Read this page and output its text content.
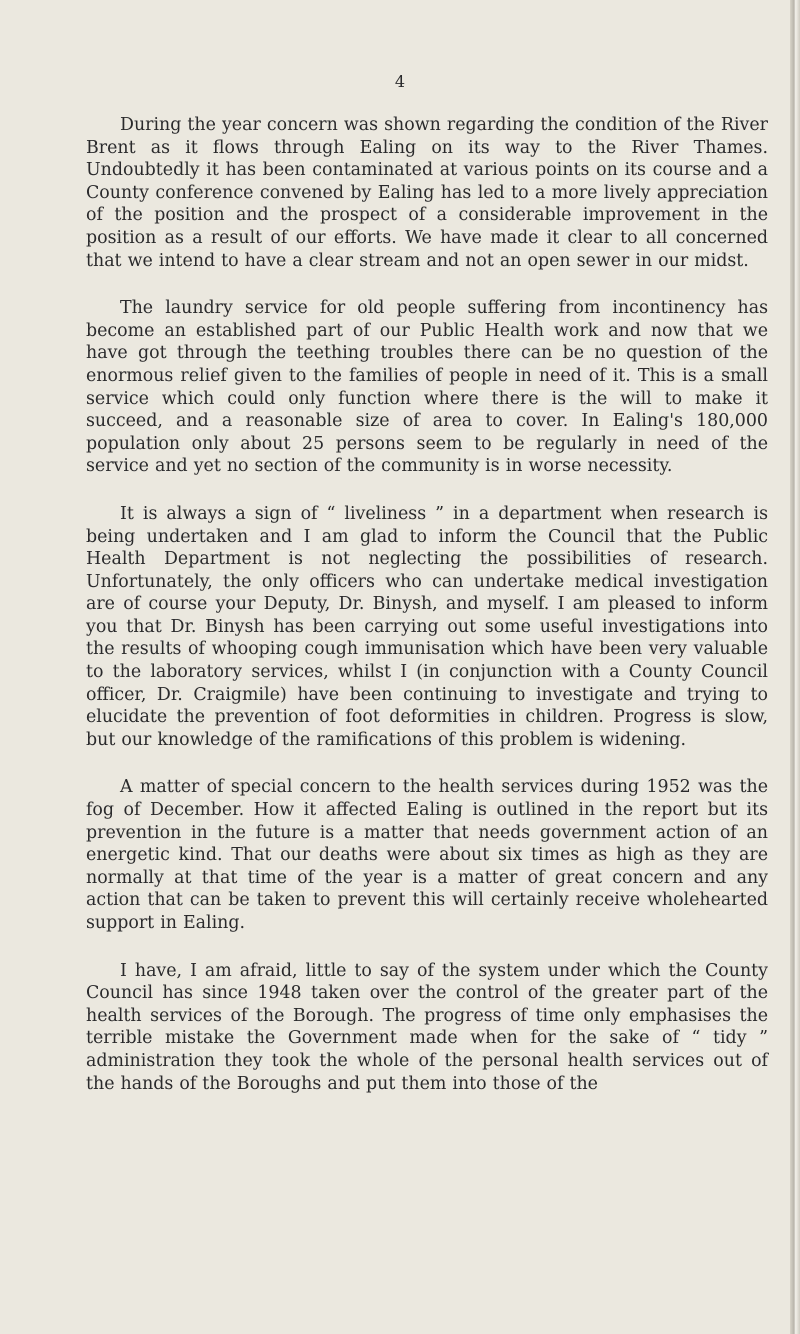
4

During the year concern was shown regarding the condition of the River Brent as it flows through Ealing on its way to the River Thames. Undoubtedly it has been contaminated at various points on its course and a County conference convened by Ealing has led to a more lively appreciation of the position and the prospect of a considerable improvement in the position as a result of our efforts. We have made it clear to all concerned that we intend to have a clear stream and not an open sewer in our midst.

The laundry service for old people suffering from incontinency has become an established part of our Public Health work and now that we have got through the teething troubles there can be no question of the enormous relief given to the families of people in need of it. This is a small service which could only function where there is the will to make it succeed, and a reasonable size of area to cover. In Ealing's 180,000 population only about 25 persons seem to be regularly in need of the service and yet no section of the community is in worse necessity.

It is always a sign of “ liveliness ” in a department when research is being undertaken and I am glad to inform the Council that the Public Health Department is not neglecting the possibilities of research. Unfortunately, the only officers who can undertake medical investigation are of course your Deputy, Dr. Binysh, and myself. I am pleased to inform you that Dr. Binysh has been carrying out some useful investigations into the results of whooping cough immunisation which have been very valuable to the laboratory services, whilst I (in conjunction with a County Council officer, Dr. Craigmile) have been continuing to investigate and trying to elucidate the prevention of foot deformities in children. Progress is slow, but our knowledge of the ramifications of this problem is widening.

A matter of special concern to the health services during 1952 was the fog of December. How it affected Ealing is outlined in the report but its prevention in the future is a matter that needs government action of an energetic kind. That our deaths were about six times as high as they are normally at that time of the year is a matter of great concern and any action that can be taken to prevent this will certainly receive wholehearted support in Ealing.

I have, I am afraid, little to say of the system under which the County Council has since 1948 taken over the control of the greater part of the health services of the Borough. The progress of time only emphasises the terrible mistake the Government made when for the sake of “ tidy ” administration they took the whole of the personal health services out of the hands of the Boroughs and put them into those of the
